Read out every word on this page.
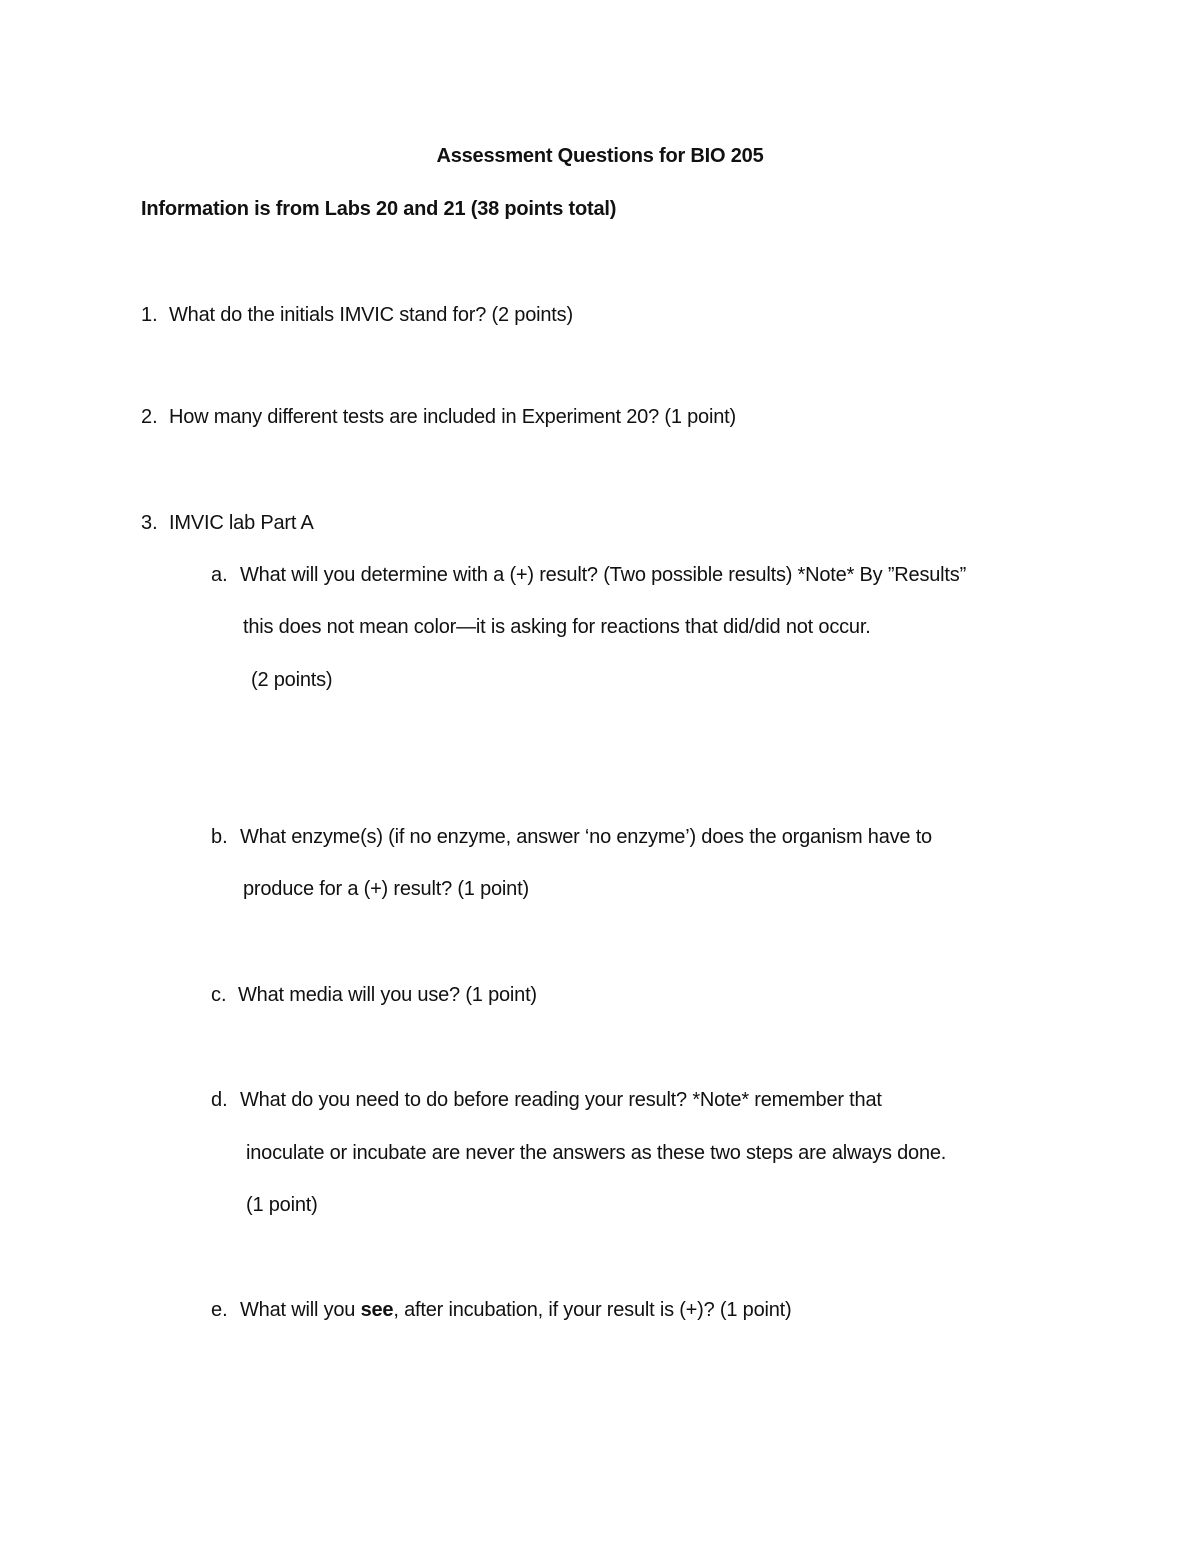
Assessment Questions for BIO 205
Information is from Labs 20 and 21 (38 points total)
1. What do the initials IMVIC stand for? (2 points)
2. How many different tests are included in Experiment 20? (1 point)
3. IMVIC lab Part A
a. What will you determine with a (+) result? (Two possible results) *Note* By ”Results”
this does not mean color—it is asking for reactions that did/did not occur.
(2 points)
b. What enzyme(s) (if no enzyme, answer ‘no enzyme’) does the organism have to
produce for a (+) result? (1 point)
c. What media will you use? (1 point)
d. What do you need to do before reading your result? *Note* remember that
inoculate or incubate are never the answers as these two steps are always done.
(1 point)
e. What will you see, after incubation, if your result is (+)? (1 point)
